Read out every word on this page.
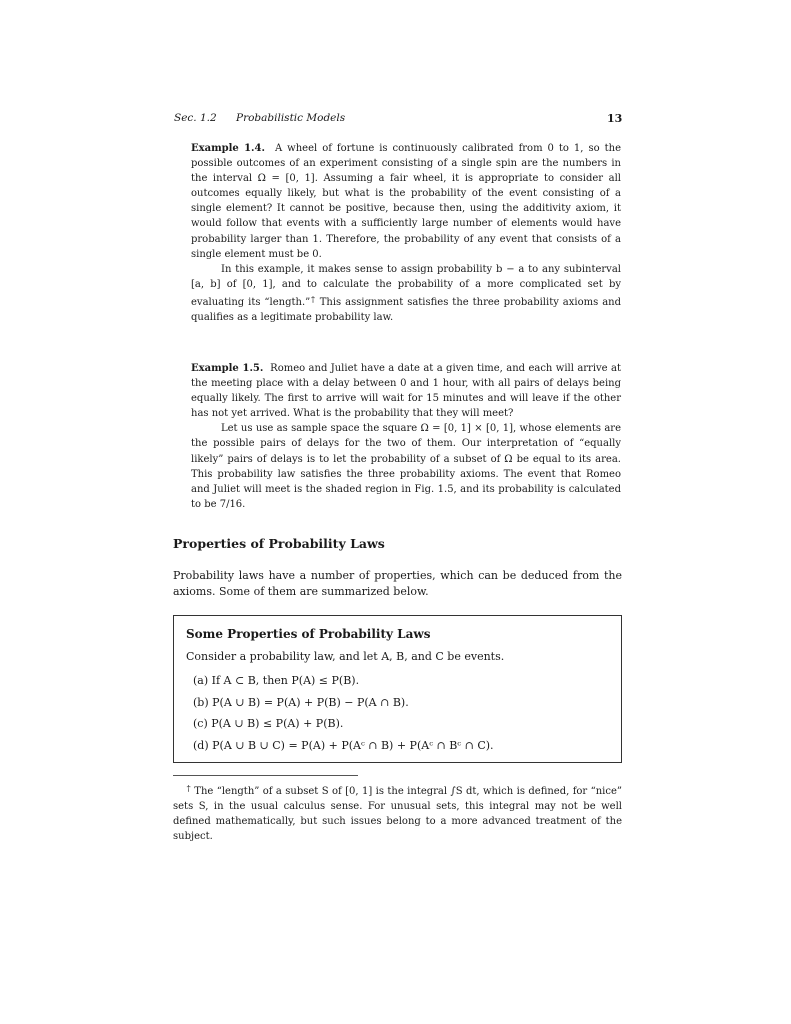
Sec. 1.2 Probabilistic Models	13

Example 1.4. A wheel of fortune is continuously calibrated from 0 to 1, so the possible outcomes of an experiment consisting of a single spin are the numbers in the interval Ω = [0, 1]. Assuming a fair wheel, it is appropriate to consider all outcomes equally likely, but what is the probability of the event consisting of a single element? It cannot be positive, because then, using the additivity axiom, it would follow that events with a sufficiently large number of elements would have probability larger than 1. Therefore, the probability of any event that consists of a single element must be 0.

In this example, it makes sense to assign probability b − a to any subinterval [a, b] of [0, 1], and to calculate the probability of a more complicated set by evaluating its “length.”† This assignment satisfies the three probability axioms and qualifies as a legitimate probability law.

Example 1.5. Romeo and Juliet have a date at a given time, and each will arrive at the meeting place with a delay between 0 and 1 hour, with all pairs of delays being equally likely. The first to arrive will wait for 15 minutes and will leave if the other has not yet arrived. What is the probability that they will meet?

Let us use as sample space the square Ω = [0, 1] × [0, 1], whose elements are the possible pairs of delays for the two of them. Our interpretation of “equally likely” pairs of delays is to let the probability of a subset of Ω be equal to its area. This probability law satisfies the three probability axioms. The event that Romeo and Juliet will meet is the shaded region in Fig. 1.5, and its probability is calculated to be 7/16.

Properties of Probability Laws
Probability laws have a number of properties, which can be deduced from the axioms. Some of them are summarized below.
Some Properties of Probability Laws
Consider a probability law, and let A, B, and C be events.
(a) If A ⊂ B, then P(A) ≤ P(B).
(b) P(A ∪ B) = P(A) + P(B) − P(A ∩ B).
(c) P(A ∪ B) ≤ P(A) + P(B).
(d) P(A ∪ B ∪ C) = P(A) + P(Aᶜ ∩ B) + P(Aᶜ ∩ Bᶜ ∩ C).

† The “length” of a subset S of [0, 1] is the integral ∫S dt, which is defined, for “nice” sets S, in the usual calculus sense. For unusual sets, this integral may not be well defined mathematically, but such issues belong to a more advanced treatment of the subject.
